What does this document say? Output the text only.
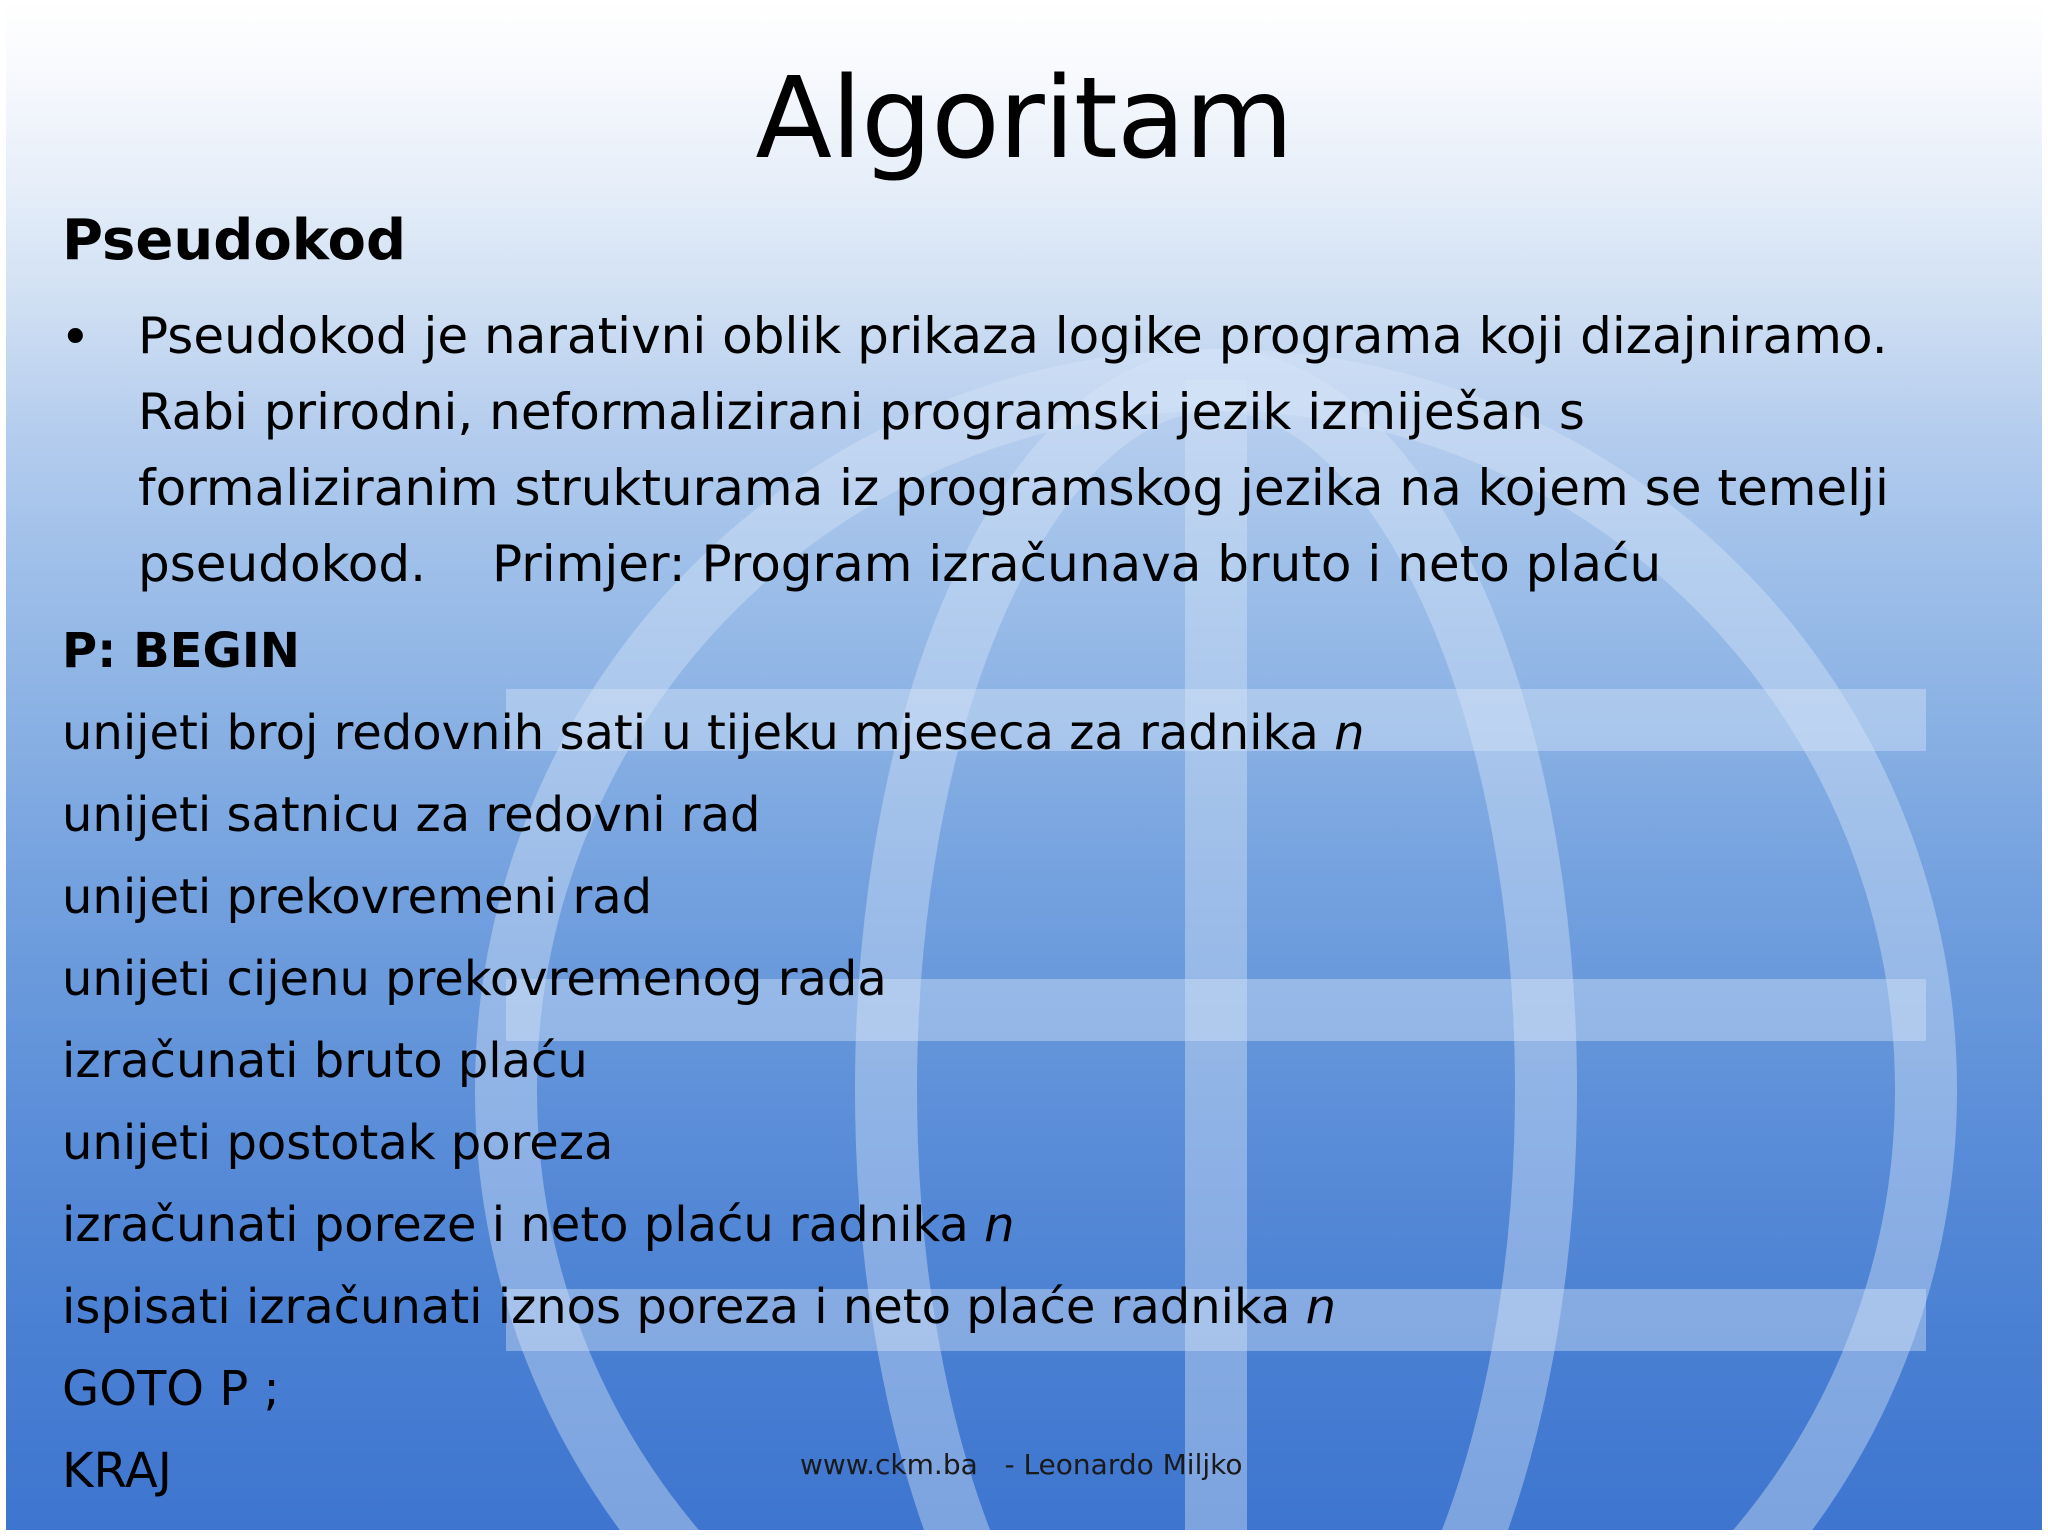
Algoritam
Pseudokod
• Pseudokod je narativni oblik prikaza logike programa koji dizajniramo.
Rabi prirodni, neformalizirani programski jezik izmiješan s
formaliziranim strukturama iz programskog jezika na kojem se temelji
pseudokod. Primjer: Program izračunava bruto i neto plaću
P: BEGIN
unijeti broj redovnih sati u tijeku mjeseca za radnika n
unijeti satnicu za redovni rad
unijeti prekovremeni rad
unijeti cijenu prekovremenog rada
izračunati bruto plaću
unijeti postotak poreza
izračunati poreze i neto plaću radnika n
ispisati izračunati iznos poreza i neto plaće radnika n
GOTO P ;
KRAJ	www.ckm.ba   - Leonardo Miljko
